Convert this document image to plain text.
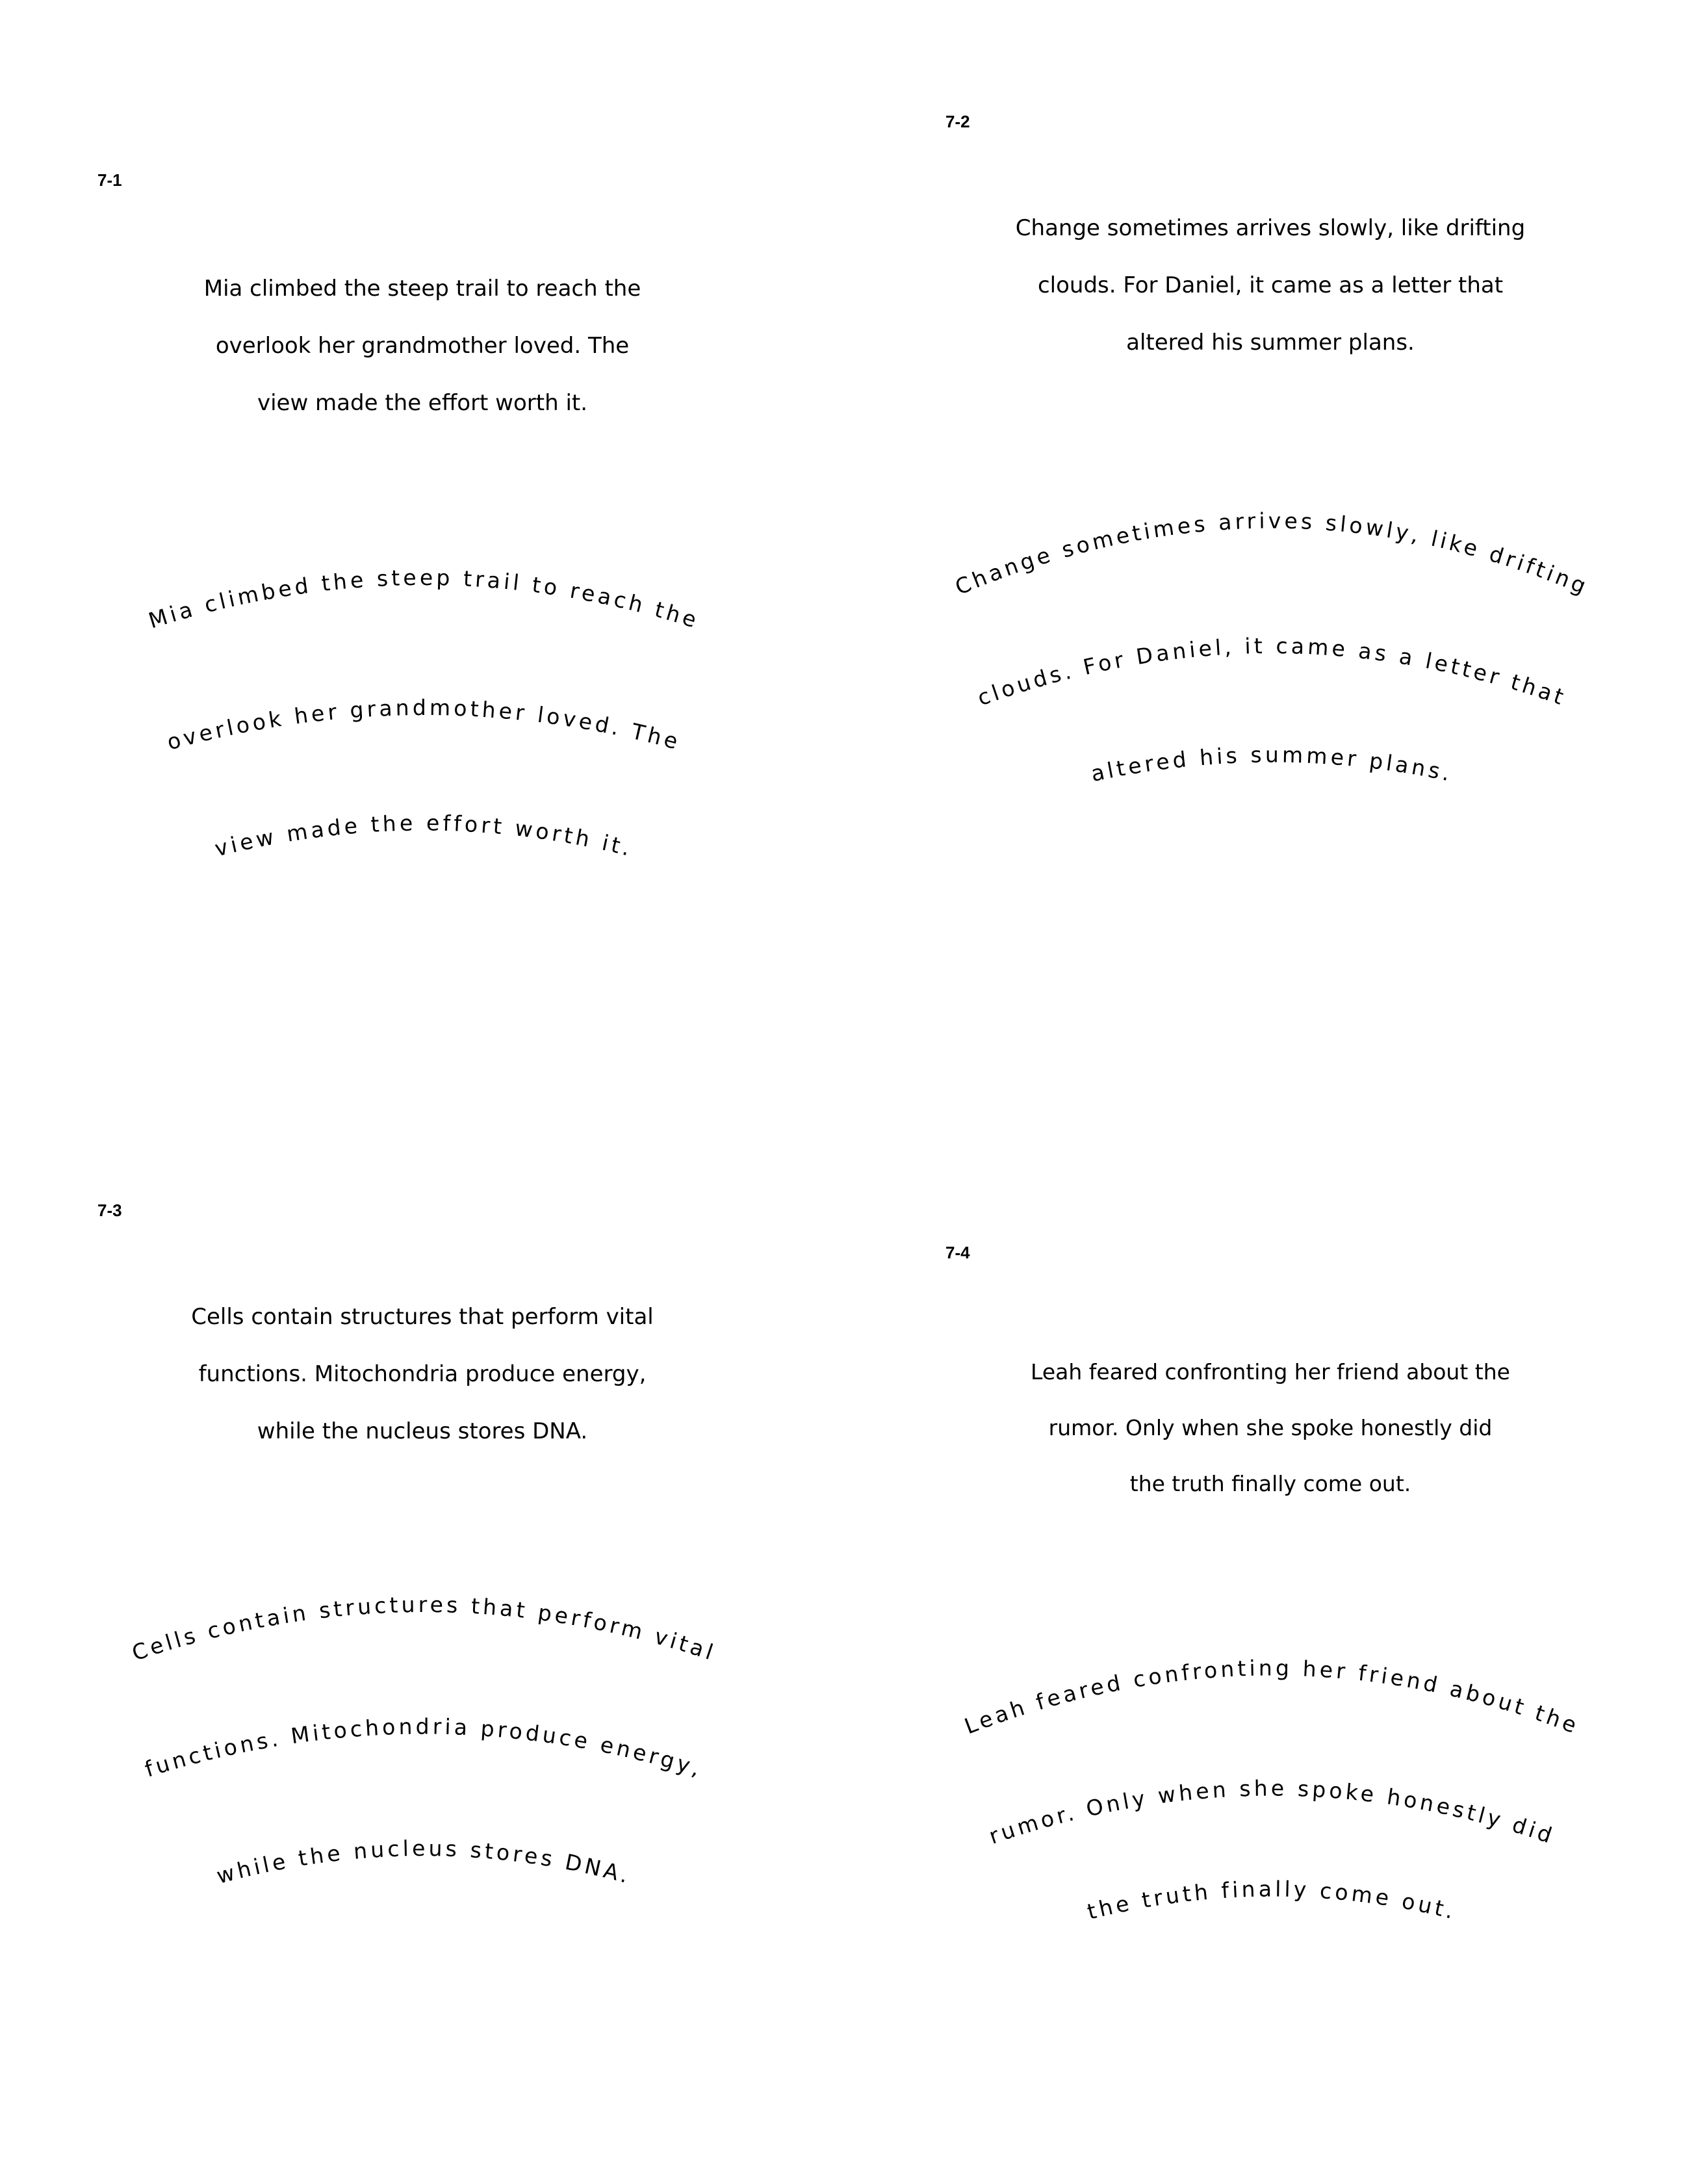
7-1
Mia climbed the steep trail to reach the
overlook her grandmother loved. The
view made the effort worth it.
Mia climbed the steep trail to reach the
overlook her grandmother loved. The
view made the effort worth it.
7-2
Change sometimes arrives slowly, like drifting
clouds. For Daniel, it came as a letter that
altered his summer plans.
Change sometimes arrives slowly, like drifting
clouds. For Daniel, it came as a letter that
altered his summer plans.
7-3
Cells contain structures that perform vital
functions. Mitochondria produce energy,
while the nucleus stores DNA.
Cells contain structures that perform vital
functions. Mitochondria produce energy,
while the nucleus stores DNA.
7-4
Leah feared confronting her friend about the
rumor. Only when she spoke honestly did
the truth finally come out.
Leah feared confronting her friend about the
rumor. Only when she spoke honestly did
the truth finally come out.
